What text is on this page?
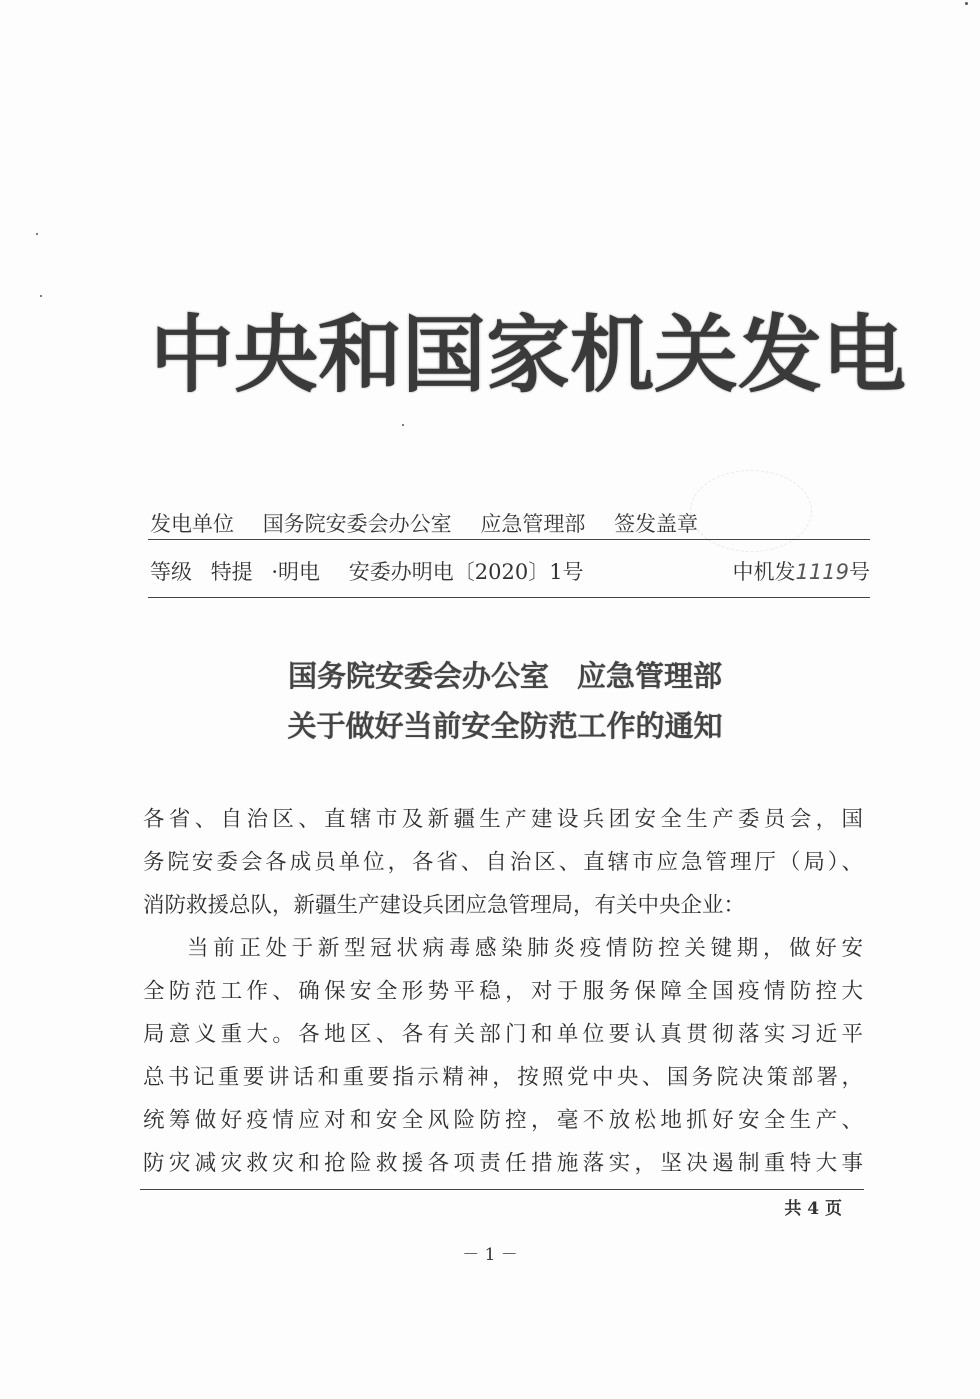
中央和国家机关发电
发电单位 国务院安委会办公室 应急管理部 签发盖章
等级 特提 ·明电 安委办明电〔2020〕1号	中机发1119号
国务院安委会办公室 应急管理部
关于做好当前安全防范工作的通知
各省、自治区、直辖市及新疆生产建设兵团安全生产委员会，国
务院安委会各成员单位，各省、自治区、直辖市应急管理厅（局）、
消防救援总队，新疆生产建设兵团应急管理局，有关中央企业：
当前正处于新型冠状病毒感染肺炎疫情防控关键期，做好安
全防范工作、确保安全形势平稳，对于服务保障全国疫情防控大
局意义重大。各地区、各有关部门和单位要认真贯彻落实习近平
总书记重要讲话和重要指示精神，按照党中央、国务院决策部署，
统筹做好疫情应对和安全风险防控，毫不放松地抓好安全生产、
防灾减灾救灾和抢险救援各项责任措施落实，坚决遏制重特大事
共 4 页
－ 1 －
